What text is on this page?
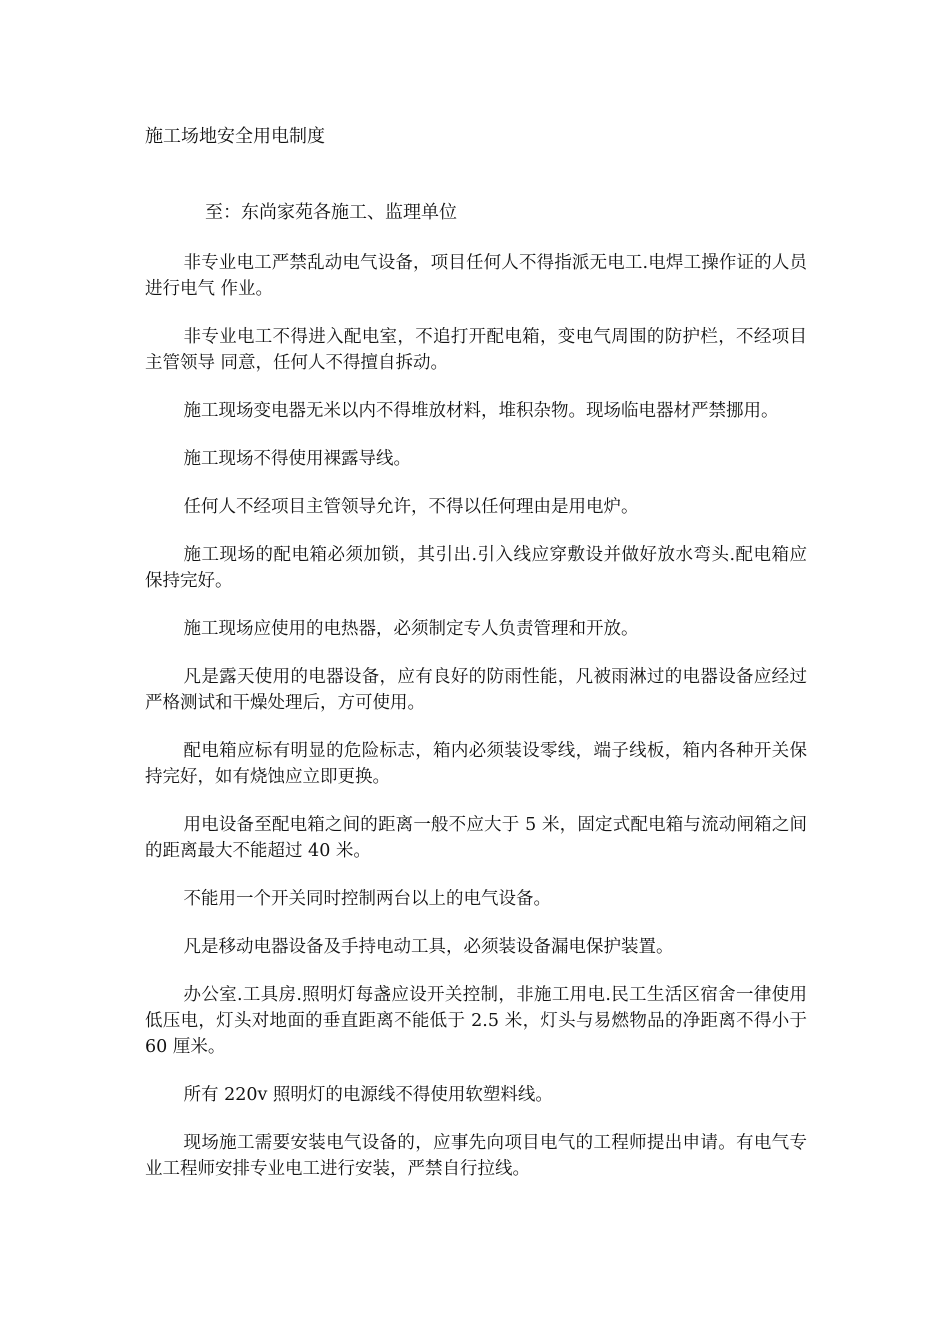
施工场地安全用电制度

至：东尚家苑各施工、监理单位

非专业电工严禁乱动电气设备，项目任何人不得指派无电工.电焊工操作证的人员进行电气 作业。

非专业电工不得进入配电室，不追打开配电箱，变电气周围的防护栏，不经项目主管领导 同意，任何人不得擅自拆动。

施工现场变电器无米以内不得堆放材料，堆积杂物。现场临电器材严禁挪用。

施工现场不得使用裸露导线。

任何人不经项目主管领导允许，不得以任何理由是用电炉。

施工现场的配电箱必须加锁，其引出.引入线应穿敷设并做好放水弯头.配电箱应保持完好。

施工现场应使用的电热器，必须制定专人负责管理和开放。

凡是露天使用的电器设备，应有良好的防雨性能，凡被雨淋过的电器设备应经过严格测试和干燥处理后，方可使用。

配电箱应标有明显的危险标志，箱内必须装设零线，端子线板，箱内各种开关保持完好，如有烧蚀应立即更换。

用电设备至配电箱之间的距离一般不应大于 5 米，固定式配电箱与流动闸箱之间的距离最大不能超过 40 米。

不能用一个开关同时控制两台以上的电气设备。

凡是移动电器设备及手持电动工具，必须装设备漏电保护装置。

办公室.工具房.照明灯每盏应设开关控制，非施工用电.民工生活区宿舍一律使用低压电，灯头对地面的垂直距离不能低于 2.5 米，灯头与易燃物品的净距离不得小于 60 厘米。

所有 220v 照明灯的电源线不得使用软塑料线。

现场施工需要安装电气设备的，应事先向项目电气的工程师提出申请。有电气专业工程师安排专业电工进行安装，严禁自行拉线。
